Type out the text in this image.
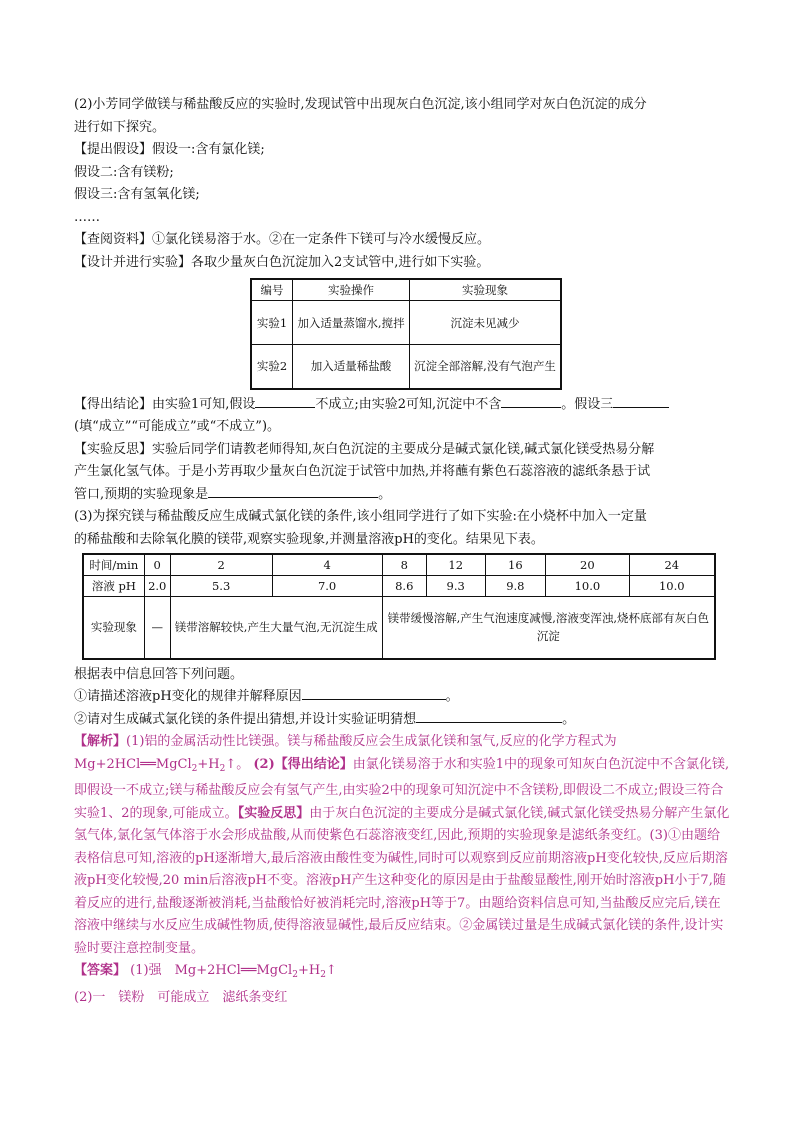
(2)小芳同学做镁与稀盐酸反应的实验时,发现试管中出现灰白色沉淀,该小组同学对灰白色沉淀的成分

进行如下探究。

【提出假设】假设一:含有氯化镁;

假设二:含有镁粉;

假设三:含有氢氧化镁;

……

【查阅资料】①氯化镁易溶于水。②在一定条件下镁可与冷水缓慢反应。

【设计并进行实验】各取少量灰白色沉淀加入2支试管中,进行如下实验。

编号	实验操作	实验现象
实验1	加入适量蒸馏水,搅拌	沉淀未见减少
实验2	加入适量稀盐酸	沉淀全部溶解,没有气泡产生

【得出结论】由实验1可知,假设	不成立;由实验2可知,沉淀中不含	。假设三

(填“成立”“可能成立”或“不成立”)。

【实验反思】实验后同学们请教老师得知,灰白色沉淀的主要成分是碱式氯化镁,碱式氯化镁受热易分解

产生氯化氢气体。于是小芳再取少量灰白色沉淀于试管中加热,并将蘸有紫色石蕊溶液的滤纸条悬于试

管口,预期的实验现象是	。

(3)为探究镁与稀盐酸反应生成碱式氯化镁的条件,该小组同学进行了如下实验:在小烧杯中加入一定量

的稀盐酸和去除氧化膜的镁带,观察实验现象,并测量溶液pH的变化。结果见下表。

时间/min	0	2	4	8	12	16	20	24
溶液 pH	2.0	5.3	7.0	8.6	9.3	9.8	10.0	10.0
实验现象	—	镁带溶解较快,产生大量气泡,无沉淀生成		镁带缓慢溶解,产生气泡速度减慢,溶液变浑浊,烧杯底部有灰白色沉淀				

根据表中信息回答下列问题。

①请描述溶液pH变化的规律并解释原因	。

②请对生成碱式氯化镁的条件提出猜想,并设计实验证明猜想	。

【解析】(1)铝的金属活动性比镁强。镁与稀盐酸反应会生成氯化镁和氢气,反应的化学方程式为
$Mg+2HCl══MgCl_2+H_2↑$。 (2)【得出结论】由氯化镁易溶于水和实验1中的现象可知灰白色沉淀中不含氯化镁,即假设一不成立;镁与稀盐酸反应会有氢气产生,由实验2中的现象可知沉淀中不含镁粉,即假设二不成立;假设三符合实验1、2的现象,可能成立。【实验反思】由于灰白色沉淀的主要成分是碱式氯化镁,碱式氯化镁受热易分解产生氯化氢气体,氯化氢气体溶于水会形成盐酸,从而使紫色石蕊溶液变红,因此,预期的实验现象是滤纸条变红。(3)①由题给表格信息可知,溶液的pH逐渐增大,最后溶液由酸性变为碱性,同时可以观察到反应前期溶液pH变化较快,反应后期溶液pH变化较慢,20 min后溶液pH不变。溶液pH产生这种变化的原因是由于盐酸显酸性,刚开始时溶液pH小于7,随着反应的进行,盐酸逐渐被消耗,当盐酸恰好被消耗完时,溶液pH等于7。由题给资料信息可知,当盐酸反应完后,镁在溶液中继续与水反应生成碱性物质,使得溶液显碱性,最后反应结束。②金属镁过量是生成碱式氯化镁的条件,设计实验时要注意控制变量。
【答案】 (1)强　$Mg+2HCl══MgCl_2+H_2↑$
(2)一　镁粉　可能成立　滤纸条变红
